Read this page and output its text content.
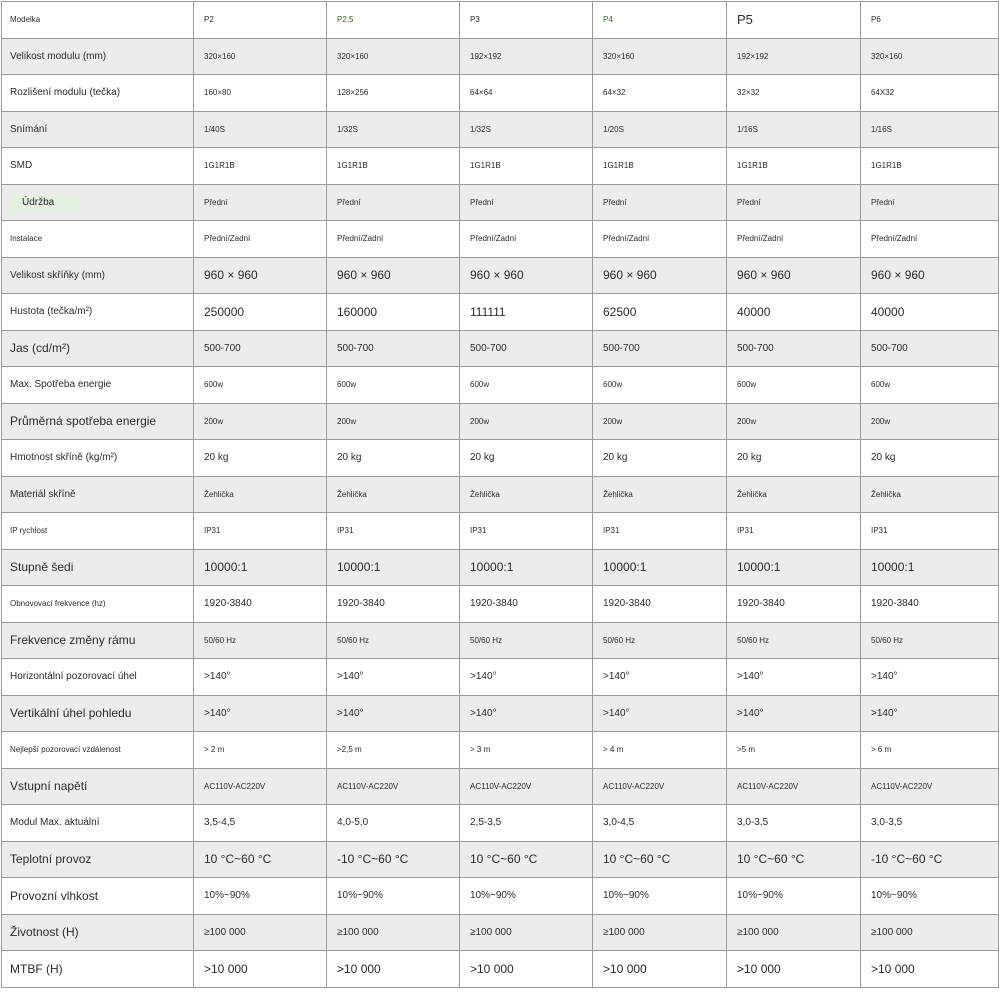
Modelka	P2	P2.5	P3	P4	P5	P6
Velikost modulu (mm)	320×160	320×160	192×192	320×160	192×192	320×160
Rozlišení modulu (tečka)	160×80	128×256	64×64	64×32	32×32	64X32
Snímání	1/40S	1/32S	1/32S	1/20S	1/16S	1/16S
SMD	1G1R1B	1G1R1B	1G1R1B	1G1R1B	1G1R1B	1G1R1B
Údržba	Přední	Přední	Přední	Přední	Přední	Přední
Instalace	Přední/Zadní	Přední/Zadní	Přední/Zadní	Přední/Zadní	Přední/Zadní	Přední/Zadní
Velikost skříňky (mm)	960 × 960	960 × 960	960 × 960	960 × 960	960 × 960	960 × 960
Hustota (tečka/m²)	250000	160000	111111	62500	40000	40000
Jas (cd/m²)	500-700	500-700	500-700	500-700	500-700	500-700
Max. Spotřeba energie	600w	600w	600w	600w	600w	600w
Průměrná spotřeba energie	200w	200w	200w	200w	200w	200w
Hmotnost skříně (kg/m²)	20 kg	20 kg	20 kg	20 kg	20 kg	20 kg
Materiál skříně	Žehlička	Žehlička	Žehlička	Žehlička	Žehlička	Žehlička
IP rychlost	IP31	IP31	IP31	IP31	IP31	IP31
Stupně šedi	10000:1	10000:1	10000:1	10000:1	10000:1	10000:1
Obnovovací frekvence (hz)	1920-3840	1920-3840	1920-3840	1920-3840	1920-3840	1920-3840
Frekvence změny rámu	50/60 Hz	50/60 Hz	50/60 Hz	50/60 Hz	50/60 Hz	50/60 Hz
Horizontální pozorovací úhel	>140°	>140°	>140°	>140°	>140°	>140°
Vertikální úhel pohledu	>140°	>140°	>140°	>140°	>140°	>140°
Nejlepší pozorovací vzdálenost	> 2 m	>2,5 m	> 3 m	> 4 m	>5 m	> 6 m
Vstupní napětí	AC110V-AC220V	AC110V-AC220V	AC110V-AC220V	AC110V-AC220V	AC110V-AC220V	AC110V-AC220V
Modul Max. aktuální	3,5-4,5	4,0-5,0	2,5-3,5	3,0-4,5	3,0-3,5	3,0-3,5
Teplotní provoz	10 °C~60 °C	-10 °C~60 °C	10 °C~60 °C	10 °C~60 °C	10 °C~60 °C	-10 °C~60 °C
Provozní vlhkost	10%~90%	10%~90%	10%~90%	10%~90%	10%~90%	10%~90%
Životnost (H)	≥100 000	≥100 000	≥100 000	≥100 000	≥100 000	≥100 000
MTBF (H)	>10 000	>10 000	>10 000	>10 000	>10 000	>10 000
